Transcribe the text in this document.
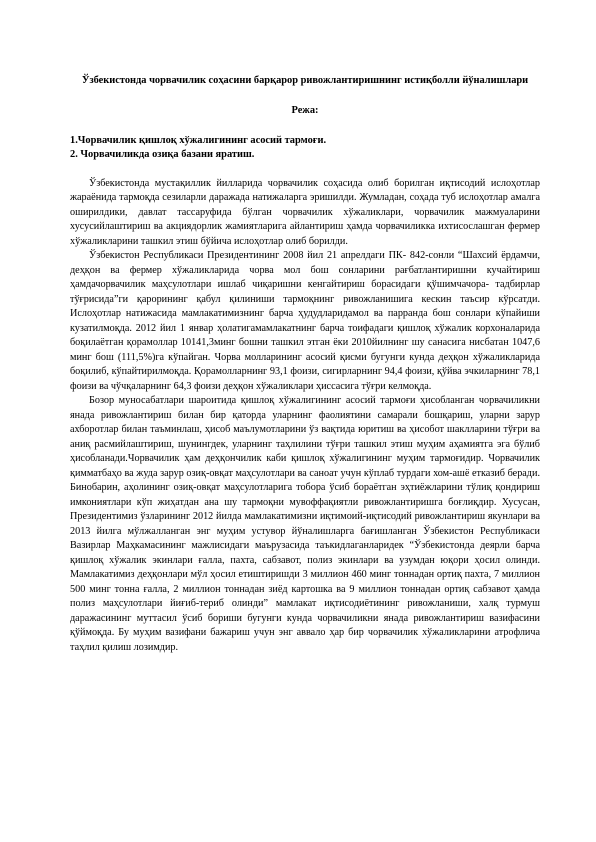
Ўзбекистонда чорвачилик соҳасини барқарор ривожлантиришнинг истиқболли йўналишлари
Режа:
1.Чорвачилик қишлоқ хўжалигининг асосий тармоғи.
2. Чорвачиликда озиқа базани яратиш.

Ўзбекистонда мустақиллик йилларида чорвачилик соҳасида олиб борилган иқтисодий ислоҳотлар жараёнида тармоқда сезиларли даражада натижаларга эришилди. Жумладан, соҳада туб ислоҳотлар амалга оширилдики, давлат тассаруфида бўлган чорвачилик хўжаликлари, чорвачилик мажмуаларини хусусийлаштириш ва акциядорлик жамиятларига айлантириш ҳамда чорвачиликка ихтисослашган фермер хўжаликларини ташкил этиш бўйича ислоҳотлар олиб борилди.

Ўзбекистон Республикаси Президентининг 2008 йил 21 апрелдаги ПК- 842-сонли “Шахсий ёрдамчи, деҳқон ва фермер хўжаликларида чорва мол бош сонларини рағбатлантиришни кучайтириш ҳамдачорвачилик маҳсулотлари ишлаб чиқаришни кенгайтириш борасидаги қўшимчачора- тадбирлар тўғрисида”ги қарорининг қабул қилиниши тармоқнинг ривожланишига кескин таъсир кўрсатди. Ислоҳотлар натижасида мамлакатимизнинг барча ҳудудларидамол ва парранда бош сонлари кўпайиши кузатилмоқда. 2012 йил 1 январ ҳолатигамамлакатнинг барча тоифадаги қишлоқ хўжалик корхоналарида боқилаётган қорамоллар 10141,3минг бошни ташкил этган ёки 2010йилнинг шу санасига нисбатан 1047,6 минг бош (111,5%)га кўпайган. Чорва молларининг асосий қисми бугунги кунда деҳқон хўжаликларида боқилиб, кўпайтирилмоқда. Қорамолларнинг 93,1 фоизи, сигирларнинг 94,4 фоизи, қўйва эчкиларнинг 78,1 фоизи ва чўчқаларнинг 64,3 фоизи деҳқон хўжаликлари ҳиссасига тўғри келмоқда.

Бозор муносабатлари шароитида қишлоқ хўжалигининг асосий тармоғи ҳисобланган чорвачиликни янада ривожлантириш билан бир қаторда уларнинг фаолиятини самарали бошқариш, уларни зарур ахборотлар билан таъминлаш, ҳисоб маълумотларини ўз вақтида юритиш ва ҳисобот шаклларини тўғри ва аниқ расмийлаштириш, шунингдек, уларнинг таҳлилини тўғри ташкил этиш муҳим аҳамиятга эга бўлиб ҳисобланади.Чорвачилик ҳам деҳқончилик каби қишлоқ хўжалигининг муҳим тармоғидир. Чорвачилик қимматбаҳо ва жуда зарур озиқ-овқат маҳсулотлари ва саноат учун кўплаб турдаги хом-ашё етказиб беради. Бинобарин, аҳолининг озиқ-овқат маҳсулотларига тобора ўсиб бораётган эҳтиёжларини тўлиқ қондириш имкониятлари кўп жиҳатдан ана шу тармоқни мувоффақиятли ривожлантиришга боғлиқдир. Хусусан, Президентимиз ўзларининг 2012 йилда мамлакатимизни иқтимоий-иқтисодий ривожлантириш якунлари ва 2013 йилга мўлжалланган энг муҳим устувор йўналишларга бағишланган Ўзбекистон Республикаси Вазирлар Маҳкамасининг мажлисидаги маърузасида таъкидлаганларидек “Ўзбекистонда деярли барча қишлоқ хўжалик экинлари ғалла, пахта, сабзавот, полиз экинлари ва узумдан юқори ҳосил олинди. Мамлакатимиз деҳқонлари мўл ҳосил етиштиришди 3 миллион 460 минг тоннадан ортиқ пахта, 7 миллион 500 минг тонна ғалла, 2 миллион тоннадан зиёд картошка ва 9 миллион тоннадан ортиқ сабзавот ҳамда полиз маҳсулотлари йиғиб-териб олинди” мамлакат иқтисодиётининг ривожланиши, халқ турмуш даражасининг муттасил ўсиб бориши бугунги кунда чорвачиликни янада ривожлантириш вазифасини қўймоқда. Бу муҳим вазифани бажариш учун энг аввало ҳар бир чорвачилик хўжаликларини атрофлича таҳлил қилиш лозимдир.
